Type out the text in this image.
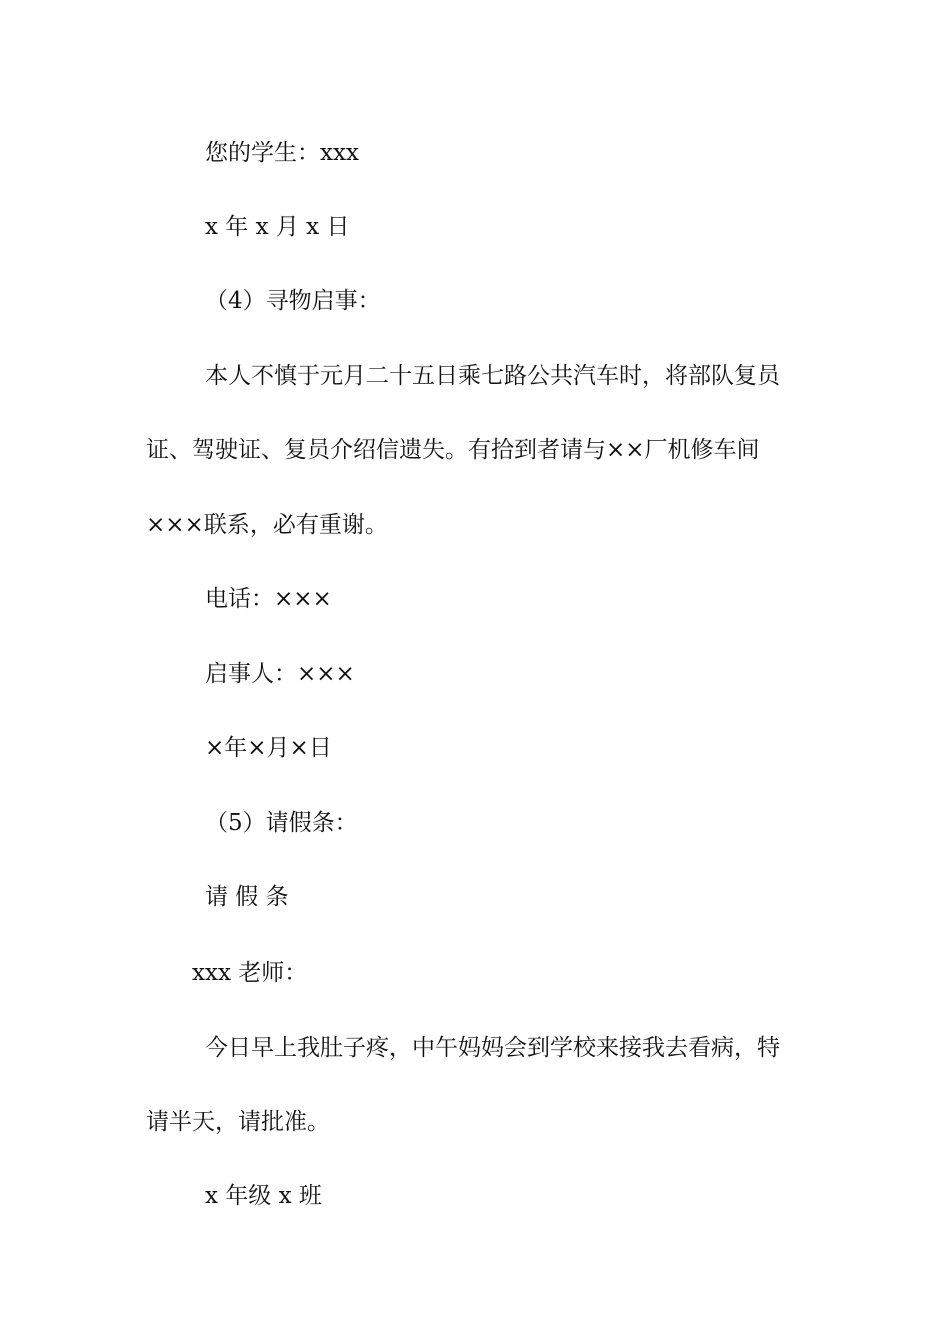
您的学生：xxx
x 年 x 月 x 日
（4）寻物启事：
本人不慎于元月二十五日乘七路公共汽车时，将部队复员
证、驾驶证、复员介绍信遗失。有拾到者请与××厂机修车间
×××联系，必有重谢。
电话：×××
启事人：×××
×年×月×日
（5）请假条：
请 假 条
xxx 老师：
今日早上我肚子疼，中午妈妈会到学校来接我去看病，特
请半天，请批准。
x 年级 x 班
